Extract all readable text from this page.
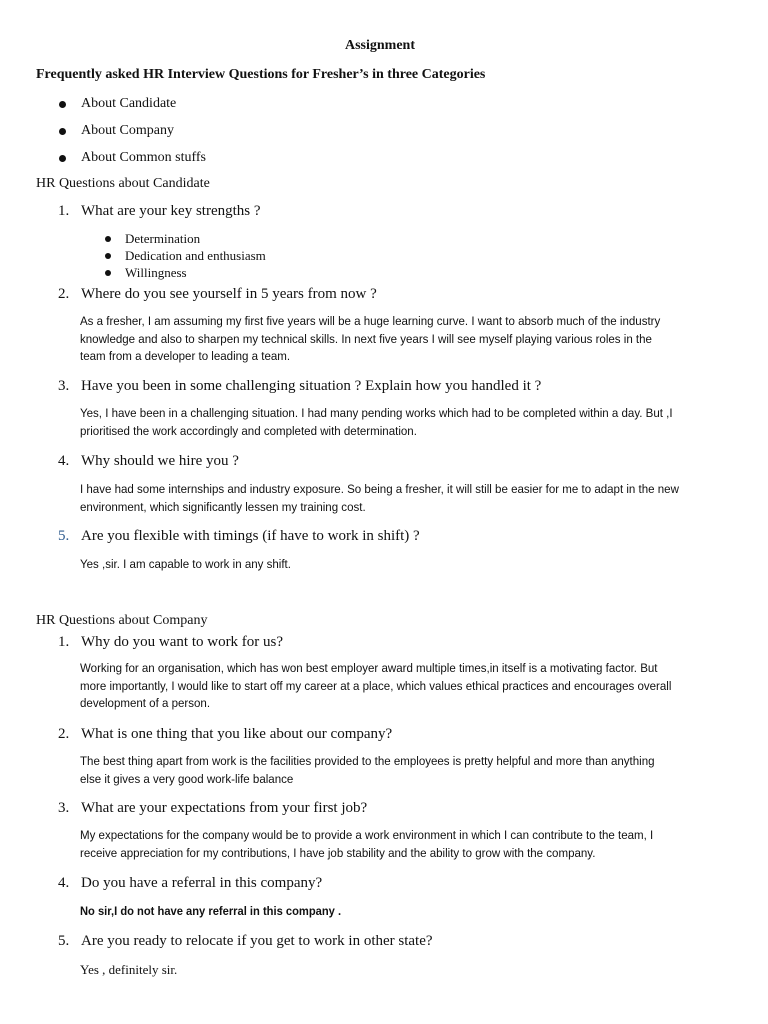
Assignment
Frequently asked HR Interview Questions for Fresher’s in three Categories
About Candidate
About Company
About Common stuffs
HR Questions about Candidate
1. What are your key strengths ?
Determination
Dedication and enthusiasm
Willingness
2. Where do you see yourself in 5 years from now ?
As a fresher, I am assuming my first five years will be a huge learning curve. I want to absorb much of the industry
knowledge and also to sharpen my technical skills. In next five years I will see myself playing various roles in the
team from a developer to leading a team.
3. Have you been in some challenging situation ? Explain how you handled it ?
Yes, I have been in a challenging situation. I had many pending works which had to be completed within a day. But ,I
prioritised the work accordingly and completed with determination.
4. Why should we hire you ?
I have had some internships and industry exposure. So being a fresher, it will still be easier for me to adapt in the new
environment, which significantly lessen my training cost.
5. Are you flexible with timings (if have to work in shift) ?
Yes ,sir. I am capable to work in any shift.
HR Questions about Company
1. Why do you want to work for us?
Working for an organisation, which has won best employer award multiple times,in itself is a motivating factor. But
more importantly, I would like to start off my career at a place, which values ethical practices and encourages overall
development of a person.
2. What is one thing that you like about our company?
The best thing apart from work is the facilities provided to the employees is pretty helpful and more than anything
else it gives a very good work-life balance
3. What are your expectations from your first job?
My expectations for the company would be to provide a work environment in which I can contribute to the team, I
receive appreciation for my contributions, I have job stability and the ability to grow with the company.
4. Do you have a referral in this company?
No sir,I do not have any referral in this company .
5. Are you ready to relocate if you get to work in other state?
Yes , definitely sir.
